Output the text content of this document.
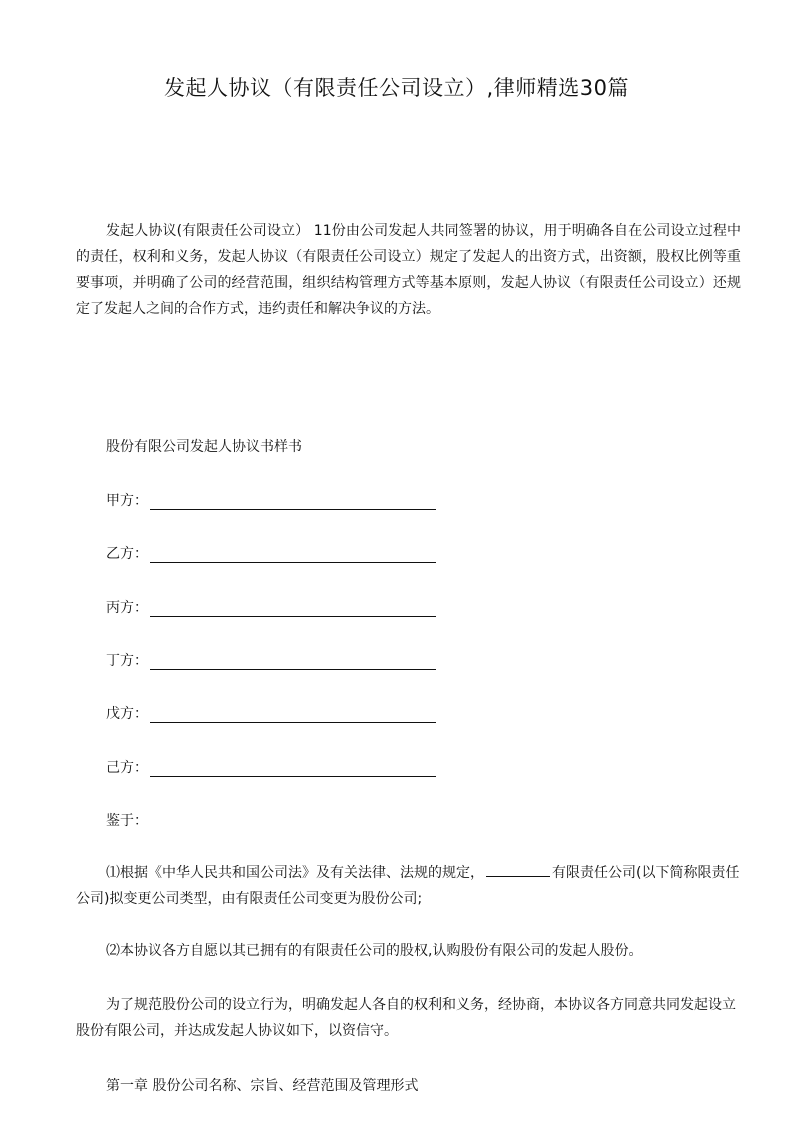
发起人协议（有限责任公司设立）,律师精选30篇
发起人协议(有限责任公司设立） 11份由公司发起人共同签署的协议，用于明确各自在公司设立过程中的责任，权利和义务，发起人协议（有限责任公司设立）规定了发起人的出资方式，出资额，股权比例等重要事项，并明确了公司的经营范围，组织结构管理方式等基本原则，发起人协议（有限责任公司设立）还规定了发起人之间的合作方式，违约责任和解决争议的方法。
股份有限公司发起人协议书样书
甲方：
乙方：
丙方：
丁方：
戊方：
己方：
鉴于：
⑴根据《中华人民共和国公司法》及有关法律、法规的规定，	有限责任公司(以下简称限责任公司)拟变更公司类型，由有限责任公司变更为股份公司;
⑵本协议各方自愿以其已拥有的有限责任公司的股权,认购股份有限公司的发起人股份。
为了规范股份公司的设立行为，明确发起人各自的权利和义务，经协商，本协议各方同意共同发起设立股份有限公司，并达成发起人协议如下，以资信守。
第一章 股份公司名称、宗旨、经营范围及管理形式
